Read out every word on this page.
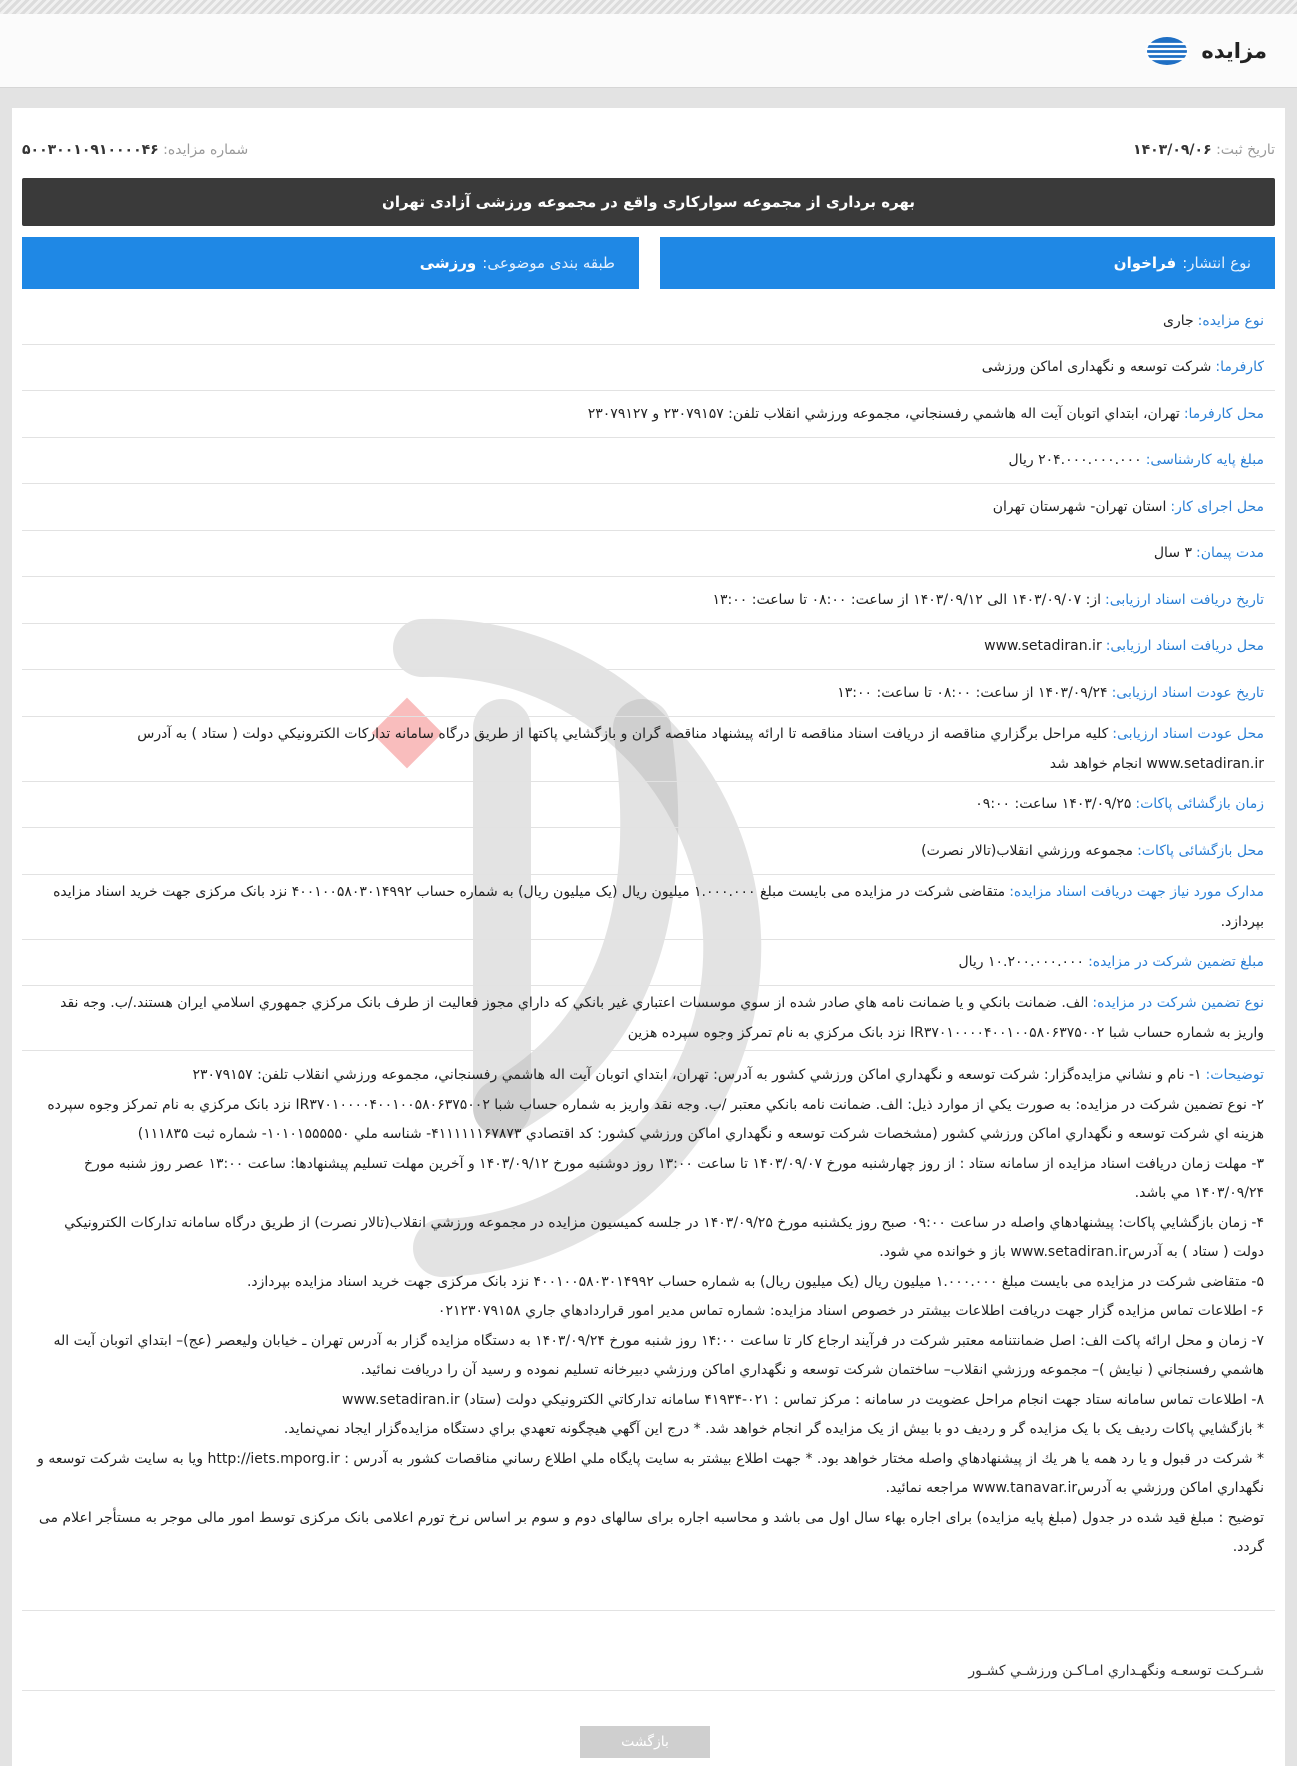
مزایده
تاریخ ثبت: ۱۴۰۳/۰۹/۰۶
شماره مزایده: ۵۰۰۳۰۰۱۰۹۱۰۰۰۰۴۶
بهره برداری از مجموعه سوارکاری واقع در مجموعه ورزشی آزادی تهران
نوع انتشار:
فراخوان
طبقه بندی موضوعی:
ورزشی

نوع مزایده:جاری

کارفرما:شرکت توسعه و نگهداری اماکن ورزشی

محل کارفرما:تهران، ابتداي اتوبان آيت اله هاشمي رفسنجاني، مجموعه ورزشي انقلاب تلفن: ۲۳۰۷۹۱۵۷ و ۲۳۰۷۹۱۲۷

مبلغ پایه کارشناسی:۲۰۴.۰۰۰.۰۰۰.۰۰۰ ریال

محل اجرای کار:استان تهران- شهرستان تهران

مدت پیمان:۳ سال

تاریخ دریافت اسناد ارزیابی:از: ۱۴۰۳/۰۹/۰۷ الی ۱۴۰۳/۰۹/۱۲ از ساعت: ۰۸:۰۰ تا ساعت: ۱۳:۰۰

محل دریافت اسناد ارزیابی:www.setadiran.ir

تاریخ عودت اسناد ارزیابی:۱۴۰۳/۰۹/۲۴ از ساعت: ۰۸:۰۰ تا ساعت: ۱۳:۰۰

محل عودت اسناد ارزیابی:کليه مراحل برگزاري مناقصه از دريافت اسناد مناقصه تا ارائه پيشنهاد مناقصه گران و بازگشايي پاکتها از طريق درگاه سامانه تداركات الكترونيكي دولت ( ستاد ) به آدرس www.setadiran.ir انجام خواهد شد

زمان بازگشائی پاکات:۱۴۰۳/۰۹/۲۵ ساعت: ۰۹:۰۰

محل بازگشائی پاکات:مجموعه ورزشي انقلاب(تالار نصرت)

مدارک مورد نیاز جهت دریافت اسناد مزایده:متقاضی شرکت در مزایده می بایست مبلغ ۱.۰۰۰.۰۰۰ میلیون ریال (یک میلیون ریال) به شماره حساب ۴۰۰۱۰۰۵۸۰۳۰۱۴۹۹۲ نزد بانک مرکزی جهت خرید اسناد مزایده بپردازد.

مبلغ تضمین شرکت در مزایده:۱۰.۲۰۰.۰۰۰.۰۰۰ ریال

نوع تضمین شرکت در مزایده:الف. ضمانت بانکي و يا ضمانت نامه هاي صادر شده از سوي موسسات اعتباري غير بانکي که داراي مجوز فعاليت از طرف بانک مرکزي جمهوري اسلامي ايران هستند./ب. وجه نقد واريز به شماره حساب شبا IR۳۷۰۱۰۰۰۰۴۰۰۱۰۰۵۸۰۶۳۷۵۰۰۲ نزد بانک مرکزي به نام تمرکز وجوه سپرده هزين

توضیحات:۱- نام و نشاني مزايده‌گزار: شرکت توسعه و نگهداري اماکن ورزشي کشور به آدرس: تهران، ابتداي اتوبان آيت اله هاشمي رفسنجاني، مجموعه ورزشي انقلاب تلفن: ۲۳۰۷۹۱۵۷

۲- نوع تضمين شرکت در مزايده: به صورت يکي از موارد ذيل: الف. ضمانت نامه بانکي معتبر /ب. وجه نقد واريز به شماره حساب شبا IR۳۷۰۱۰۰۰۰۴۰۰۱۰۰۵۸۰۶۳۷۵۰۰۲ نزد بانک مرکزي به نام تمرکز وجوه سپرده هزينه اي شرکت توسعه و نگهداري اماکن ورزشي کشور (مشخصات شرکت توسعه و نگهداري اماکن ورزشي کشور: کد اقتصادي ۴۱۱۱۱۱۱۶۷۸۷۳- شناسه ملي ۱۰۱۰۱۵۵۵۵۵۰- شماره ثبت ۱۱۱۸۳۵)

۳- مهلت زمان دريافت اسناد مزايده از سامانه ستاد : از روز چهارشنبه مورخ ۱۴۰۳/۰۹/۰۷ تا ساعت ۱۳:۰۰ روز دوشنبه مورخ ۱۴۰۳/۰۹/۱۲ و آخرين مهلت تسليم پيشنهادها: ساعت ۱۳:۰۰ عصر روز شنبه مورخ ۱۴۰۳/۰۹/۲۴ مي باشد.

۴- زمان بازگشايي پاكات: پيشنهادهاي واصله در ساعت ۰۹:۰۰ صبح روز يکشنبه مورخ ۱۴۰۳/۰۹/۲۵ در جلسه کميسيون مزايده در مجموعه ورزشي انقلاب(تالار نصرت) از طريق درگاه سامانه تداركات الكترونيكي دولت ( ستاد ) به آدرسwww.setadiran.ir باز و خوانده مي شود.

۵- متقاضی شرکت در مزایده می بایست مبلغ ۱.۰۰۰.۰۰۰ میلیون ریال (یک میلیون ریال) به شماره حساب ۴۰۰۱۰۰۵۸۰۳۰۱۴۹۹۲ نزد بانک مرکزی جهت خرید اسناد مزایده بپردازد.

۶- اطلاعات تماس مزايده گزار جهت دريافت اطلاعات بيشتر در خصوص اسناد مزايده: شماره تماس مدير امور قراردادهاي جاري ۰۲۱۲۳۰۷۹۱۵۸

۷- زمان و محل ارائه پاکت الف: اصل ضمانتنامه معتبر شركت در فرآيند ارجاع كار تا ساعت ۱۴:۰۰ روز شنبه مورخ ۱۴۰۳/۰۹/۲۴ به دستگاه مزايده گزار به آدرس تهران ـ خيابان وليعصر (عج)– ابتداي اتوبان آيت اله هاشمي رفسنجاني ( نيايش )– مجموعه ورزشي انقلاب– ساختمان شرکت توسعه و نگهداري اماکن ورزشي دبيرخانه تسليم نموده و رسيد آن را دريافت نمائيد.

۸- اطلاعات تماس سامانه ستاد جهت انجام مراحل عضويت در سامانه : مركز تماس : ۰۲۱-۴۱۹۳۴ سامانه تداركاتي الكترونيكي دولت (ستاد) www.setadiran.ir

* بازگشايي پاکات رديف يک با يک مزايده گر و رديف دو با بيش از يک مزايده گر انجام خواهد شد. * درج اين آگهي هيچگونه تعهدي براي دستگاه مزايده‌گزار ايجاد نمي‌نمايد.

* شرکت در قبول و يا رد همه يا هر يك از پيشنهادهاي واصله مختار خواهد بود. * جهت اطلاع بيشتر به سايت پايگاه ملي اطلاع رساني مناقصات كشور به آدرس : http://iets.mporg.ir ويا به سايت شرکت توسعه و نگهداري اماکن ورزشي به آدرسwww.tanavar.ir مراجعه نمائيد.

توضیح : مبلغ قید شده در جدول (مبلغ پایه مزایده) برای اجاره بهاء سال اول می باشد و محاسبه اجاره برای سالهای دوم و سوم بر اساس نرخ تورم اعلامی بانک مرکزی توسط امور مالی موجر به مستأجر اعلام می گردد.

شـرکـت توسعـه ونگهـداري امـاکـن ورزشـي کشـور
بازگشت
